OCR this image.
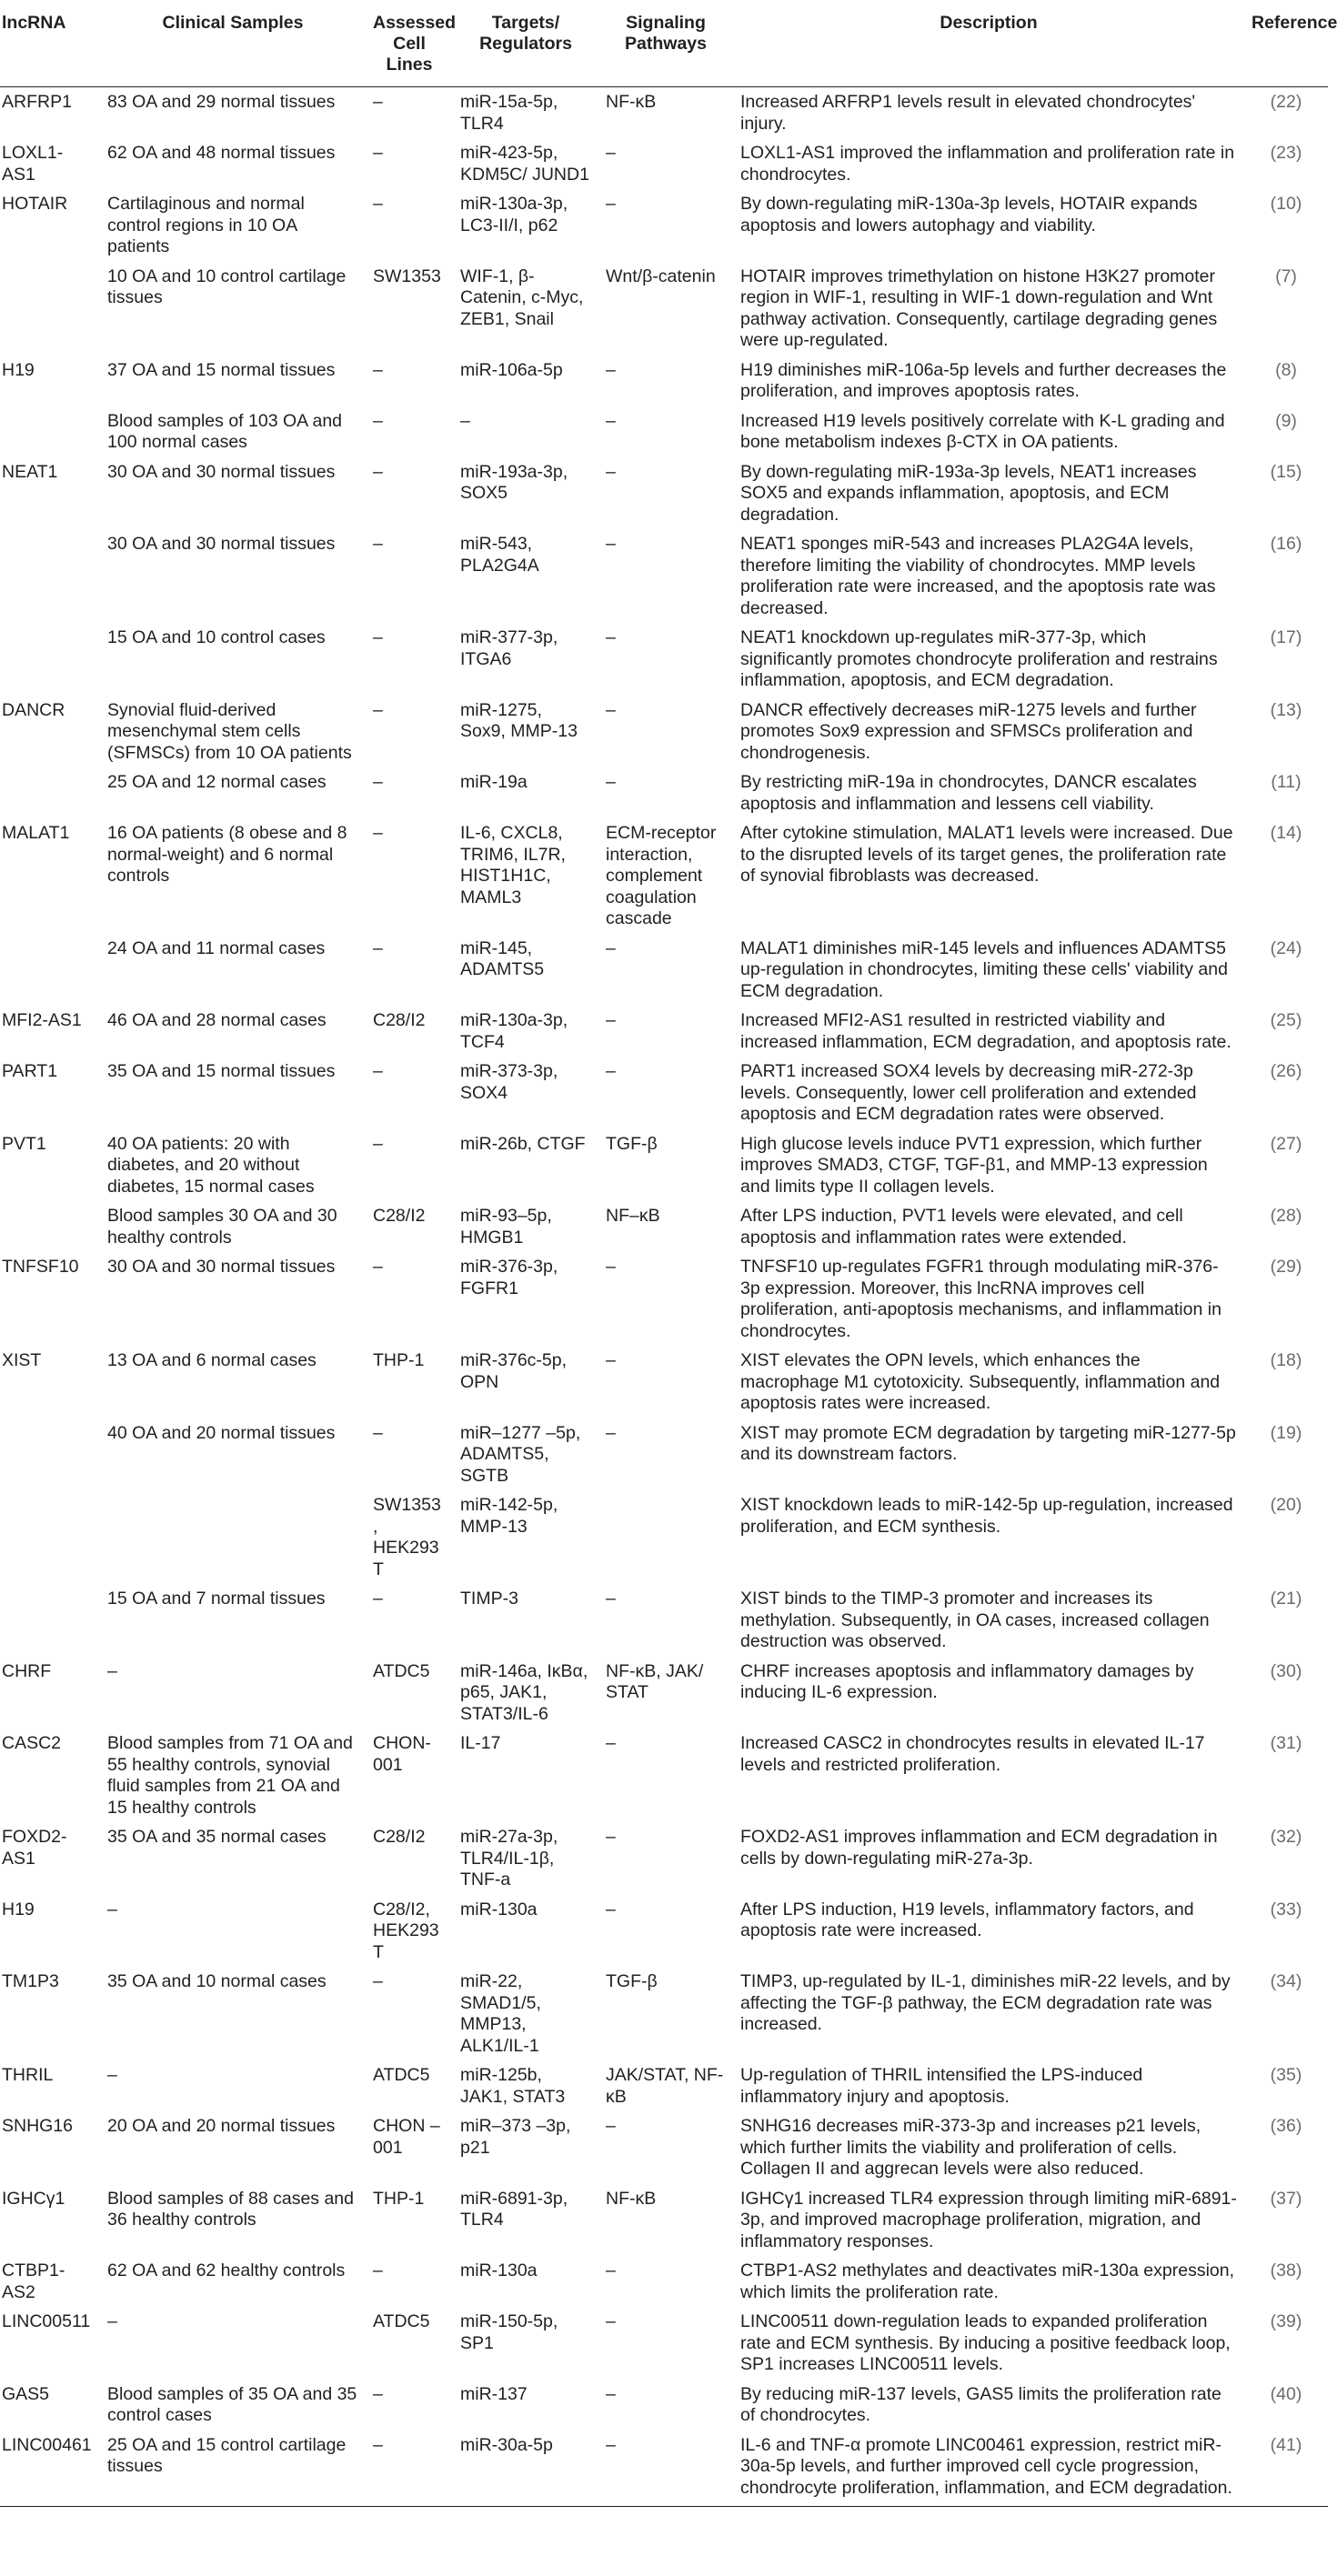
lncRNA	Clinical Samples	Assessed Cell Lines	Targets/ Regulators	Signaling Pathways	Description	Reference
ARFRP1	83 OA and 29 normal tissues	–	miR-15a-5p, TLR4	NF-κB	Increased ARFRP1 levels result in elevated chondrocytes' injury.	(22)
LOXL1-AS1	62 OA and 48 normal tissues	–	miR-423-5p, KDM5C/ JUND1	–	LOXL1-AS1 improved the inflammation and proliferation rate in chondrocytes.	(23)
HOTAIR	Cartilaginous and normal control regions in 10 OA patients	–	miR-130a-3p, LC3-II/I, p62	–	By down-regulating miR-130a-3p levels, HOTAIR expands apoptosis and lowers autophagy and viability.	(10)
	10 OA and 10 control cartilage tissues	SW1353	WIF-1, β-Catenin, c-Myc, ZEB1, Snail	Wnt/β-catenin	HOTAIR improves trimethylation on histone H3K27 promoter region in WIF-1, resulting in WIF-1 down-regulation and Wnt pathway activation. Consequently, cartilage degrading genes were up-regulated.	(7)
H19	37 OA and 15 normal tissues	–	miR-106a-5p	–	H19 diminishes miR-106a-5p levels and further decreases the proliferation, and improves apoptosis rates.	(8)
	Blood samples of 103 OA and 100 normal cases	–	–	–	Increased H19 levels positively correlate with K-L grading and bone metabolism indexes β-CTX in OA patients.	(9)
NEAT1	30 OA and 30 normal tissues	–	miR-193a-3p, SOX5	–	By down-regulating miR-193a-3p levels, NEAT1 increases SOX5 and expands inflammation, apoptosis, and ECM degradation.	(15)
	30 OA and 30 normal tissues	–	miR-543, PLA2G4A	–	NEAT1 sponges miR-543 and increases PLA2G4A levels, therefore limiting the viability of chondrocytes. MMP levels proliferation rate were increased, and the apoptosis rate was decreased.	(16)
	15 OA and 10 control cases	–	miR-377-3p, ITGA6	–	NEAT1 knockdown up-regulates miR-377-3p, which significantly promotes chondrocyte proliferation and restrains inflammation, apoptosis, and ECM degradation.	(17)
DANCR	Synovial fluid-derived mesenchymal stem cells (SFMSCs) from 10 OA patients	–	miR-1275, Sox9, MMP-13	–	DANCR effectively decreases miR-1275 levels and further promotes Sox9 expression and SFMSCs proliferation and chondrogenesis.	(13)
	25 OA and 12 normal cases	–	miR-19a	–	By restricting miR-19a in chondrocytes, DANCR escalates apoptosis and inflammation and lessens cell viability.	(11)
MALAT1	16 OA patients (8 obese and 8 normal-weight) and 6 normal controls	–	IL-6, CXCL8, TRIM6, IL7R, HIST1H1C, MAML3	ECM-receptor interaction, complement coagulation cascade	After cytokine stimulation, MALAT1 levels were increased. Due to the disrupted levels of its target genes, the proliferation rate of synovial fibroblasts was decreased.	(14)
	24 OA and 11 normal cases	–	miR-145, ADAMTS5	–	MALAT1 diminishes miR-145 levels and influences ADAMTS5 up-regulation in chondrocytes, limiting these cells' viability and ECM degradation.	(24)
MFI2-AS1	46 OA and 28 normal cases	C28/I2	miR-130a-3p, TCF4	–	Increased MFI2-AS1 resulted in restricted viability and increased inflammation, ECM degradation, and apoptosis rate.	(25)
PART1	35 OA and 15 normal tissues	–	miR-373-3p, SOX4	–	PART1 increased SOX4 levels by decreasing miR-272-3p levels. Consequently, lower cell proliferation and extended apoptosis and ECM degradation rates were observed.	(26)
PVT1	40 OA patients: 20 with diabetes, and 20 without diabetes, 15 normal cases	–	miR-26b, CTGF	TGF-β	High glucose levels induce PVT1 expression, which further improves SMAD3, CTGF, TGF-β1, and MMP-13 expression and limits type II collagen levels.	(27)
	Blood samples 30 OA and 30 healthy controls	C28/I2	miR-93–5p, HMGB1	NF–κB	After LPS induction, PVT1 levels were elevated, and cell apoptosis and inflammation rates were extended.	(28)
TNFSF10	30 OA and 30 normal tissues	–	miR-376-3p, FGFR1	–	TNFSF10 up-regulates FGFR1 through modulating miR-376-3p expression. Moreover, this lncRNA improves cell proliferation, anti-apoptosis mechanisms, and inflammation in chondrocytes.	(29)
XIST	13 OA and 6 normal cases	THP-1	miR-376c-5p, OPN	–	XIST elevates the OPN levels, which enhances the macrophage M1 cytotoxicity. Subsequently, inflammation and apoptosis rates were increased.	(18)
	40 OA and 20 normal tissues	–	miR–1277 –5p, ADAMTS5, SGTB	–	XIST may promote ECM degradation by targeting miR-1277-5p and its downstream factors.	(19)
		SW1353, HEK293T	miR-142-5p, MMP-13		XIST knockdown leads to miR-142-5p up-regulation, increased proliferation, and ECM synthesis.	(20)
	15 OA and 7 normal tissues	–	TIMP-3	–	XIST binds to the TIMP-3 promoter and increases its methylation. Subsequently, in OA cases, increased collagen destruction was observed.	(21)
CHRF	–	ATDC5	miR-146a, IκBα, p65, JAK1, STAT3/IL-6	NF-κB, JAK/ STAT	CHRF increases apoptosis and inflammatory damages by inducing IL-6 expression.	(30)
CASC2	Blood samples from 71 OA and 55 healthy controls, synovial fluid samples from 21 OA and 15 healthy controls	CHON-001	IL-17	–	Increased CASC2 in chondrocytes results in elevated IL-17 levels and restricted proliferation.	(31)
FOXD2-AS1	35 OA and 35 normal cases	C28/I2	miR-27a-3p, TLR4/IL-1β, TNF-a	–	FOXD2-AS1 improves inflammation and ECM degradation in cells by down-regulating miR-27a-3p.	(32)
H19	–	C28/I2, HEK293T	miR-130a	–	After LPS induction, H19 levels, inflammatory factors, and apoptosis rate were increased.	(33)
TM1P3	35 OA and 10 normal cases	–	miR-22, SMAD1/5, MMP13, ALK1/IL-1	TGF-β	TIMP3, up-regulated by IL-1, diminishes miR-22 levels, and by affecting the TGF-β pathway, the ECM degradation rate was increased.	(34)
THRIL	–	ATDC5	miR-125b, JAK1, STAT3	JAK/STAT, NF-κB	Up-regulation of THRIL intensified the LPS-induced inflammatory injury and apoptosis.	(35)
SNHG16	20 OA and 20 normal tissues	CHON –001	miR–373 –3p, p21	–	SNHG16 decreases miR-373-3p and increases p21 levels, which further limits the viability and proliferation of cells. Collagen II and aggrecan levels were also reduced.	(36)
IGHCγ1	Blood samples of 88 cases and 36 healthy controls	THP-1	miR-6891-3p, TLR4	NF-κB	IGHCγ1 increased TLR4 expression through limiting miR-6891-3p, and improved macrophage proliferation, migration, and inflammatory responses.	(37)
CTBP1-AS2	62 OA and 62 healthy controls	–	miR-130a	–	CTBP1-AS2 methylates and deactivates miR-130a expression, which limits the proliferation rate.	(38)
LINC00511	–	ATDC5	miR-150-5p, SP1	–	LINC00511 down-regulation leads to expanded proliferation rate and ECM synthesis. By inducing a positive feedback loop, SP1 increases LINC00511 levels.	(39)
GAS5	Blood samples of 35 OA and 35 control cases	–	miR-137	–	By reducing miR-137 levels, GAS5 limits the proliferation rate of chondrocytes.	(40)
LINC00461	25 OA and 15 control cartilage tissues	–	miR-30a-5p	–	IL-6 and TNF-α promote LINC00461 expression, restrict miR-30a-5p levels, and further improved cell cycle progression, chondrocyte proliferation, inflammation, and ECM degradation.	(41)
